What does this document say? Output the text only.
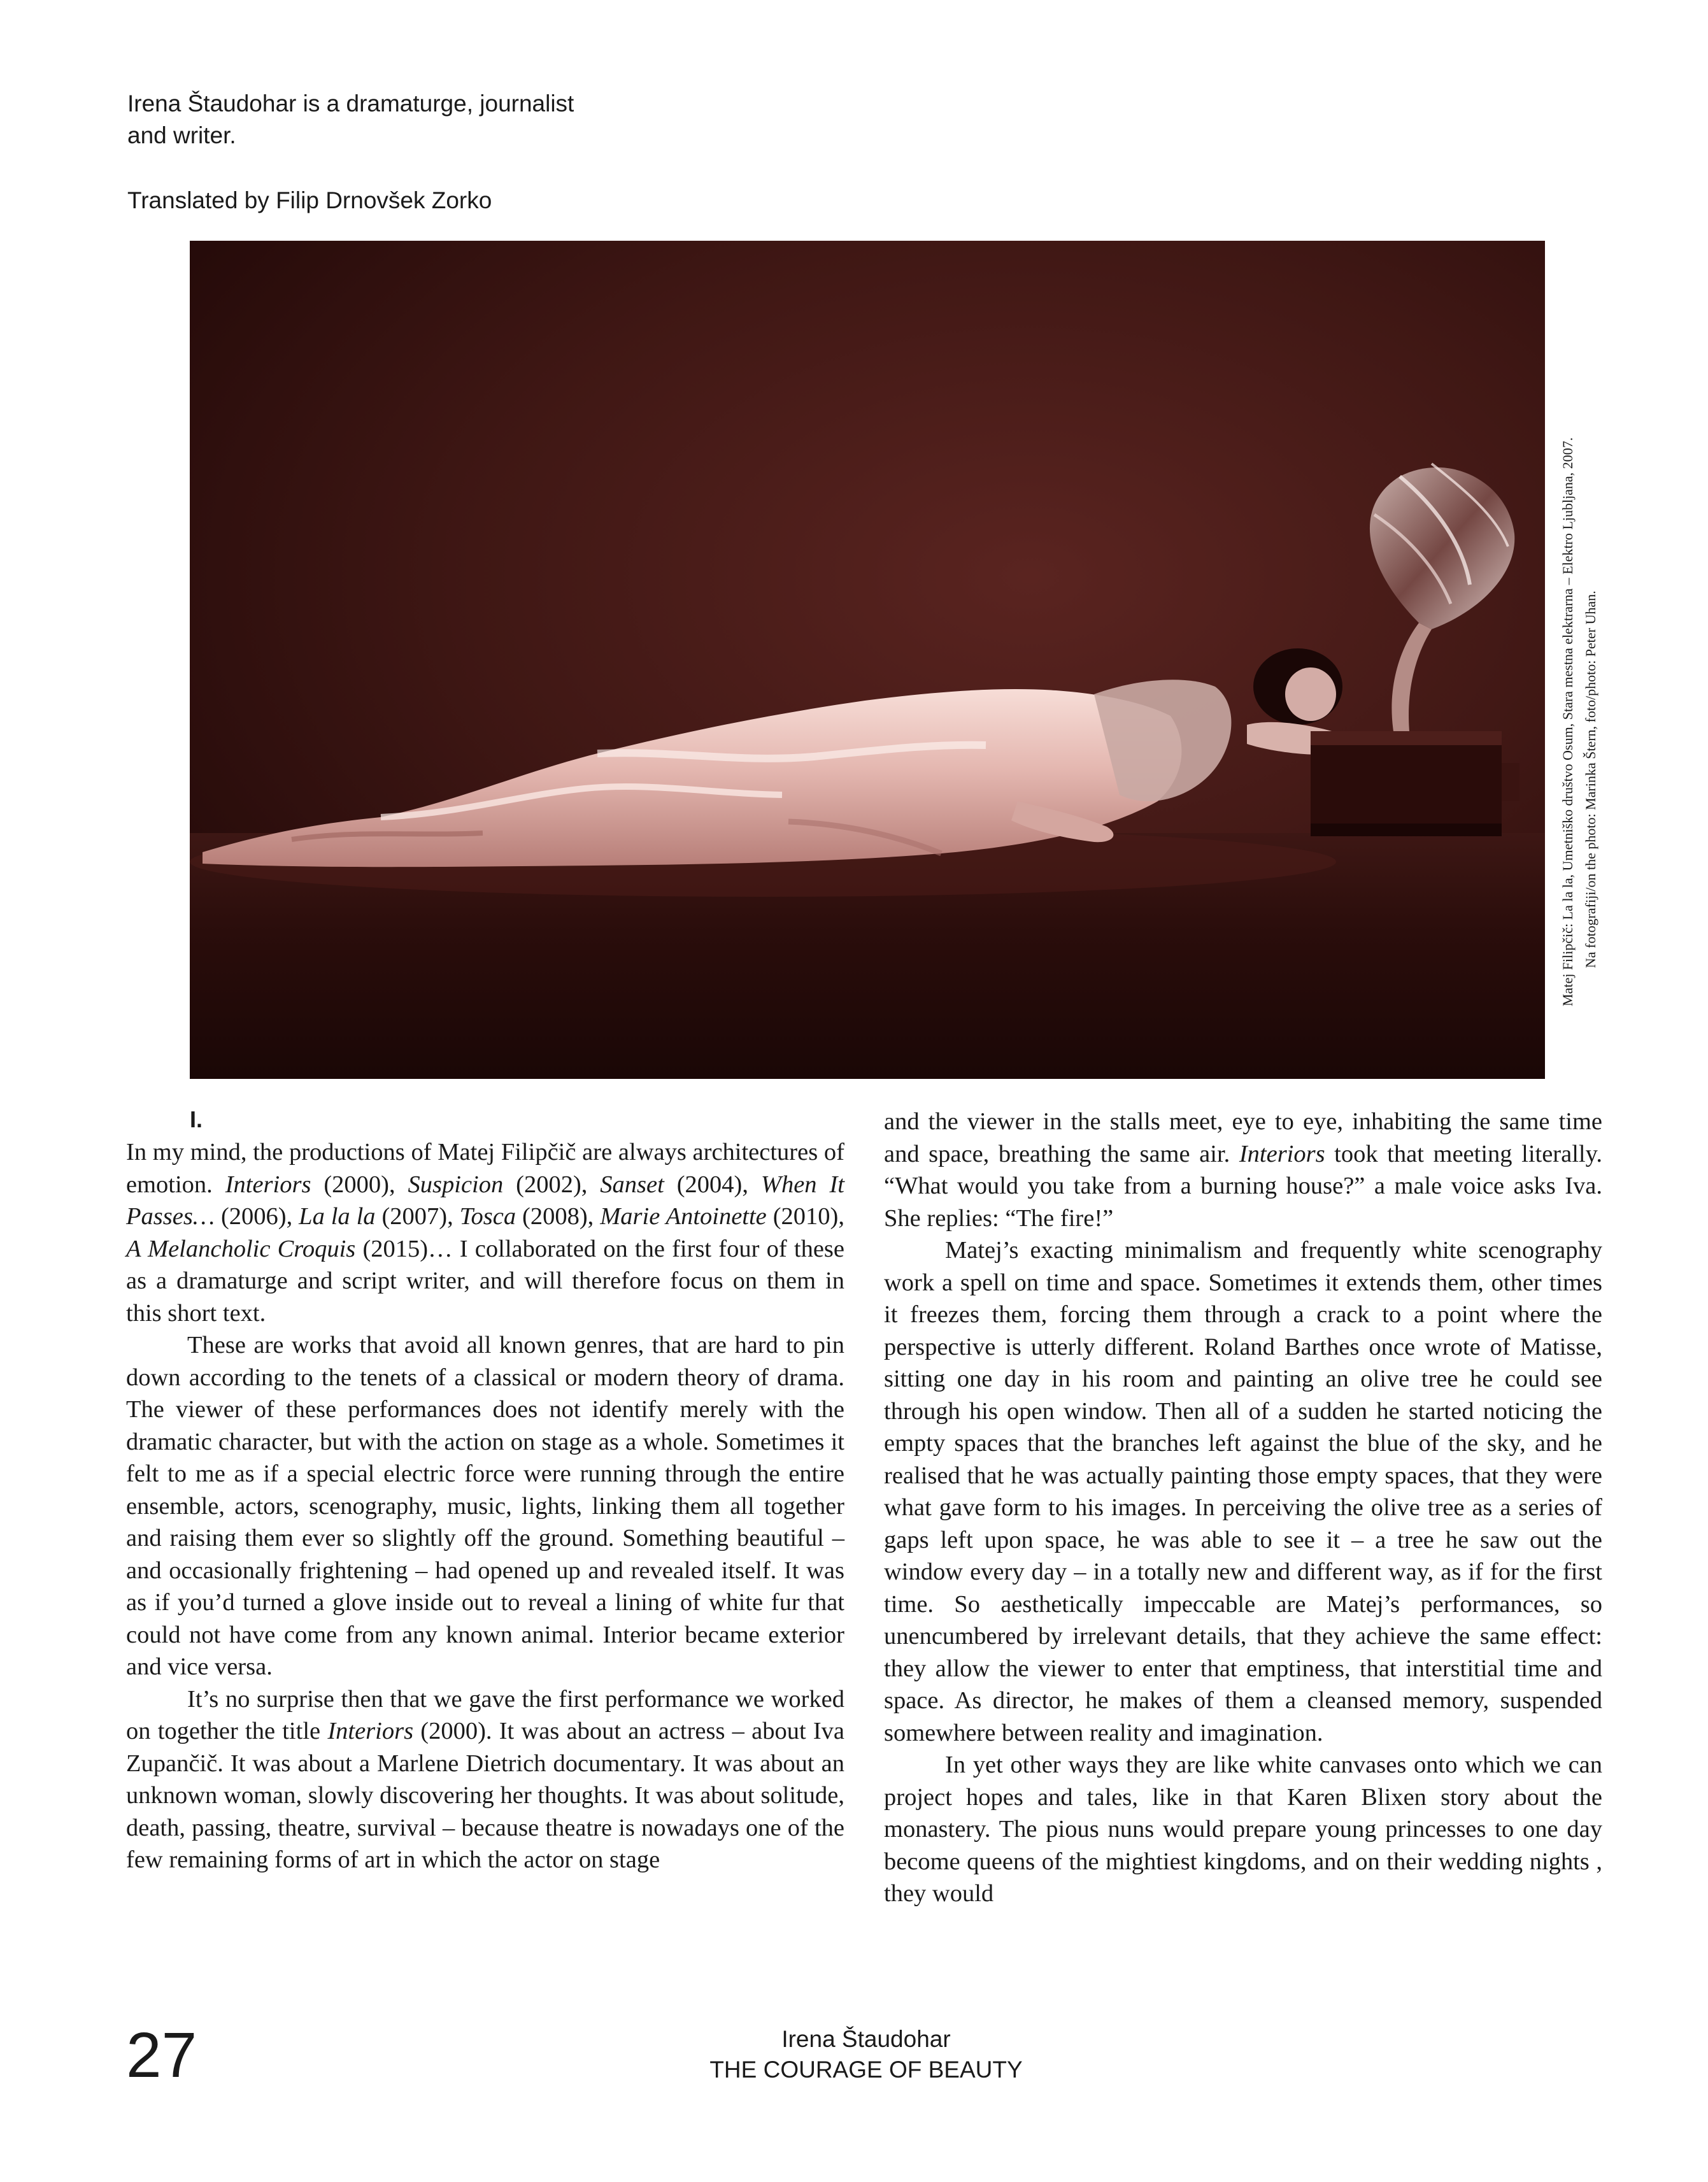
Irena Štaudohar is a dramaturge, journalist

and writer.

Translated by Filip Drnovšek Zorko

Matej Filipčič: La la la, Umetniško društvo Osum, Stara mestna elektrarna – Elektro Ljubljana, 2007. Na fotografiji/on the photo: Marinka Štern, foto/photo: Peter Uhan.

I.

In my mind, the productions of Matej Filipčič are always architectures of emotion. Interiors (2000), Suspicion (2002), Sanset (2004), When It Passes… (2006), La la la (2007), Tosca (2008), Marie Antoinette (2010), A Melancholic Croquis (2015)… I collaborated on the first four of these as a dramaturge and script writer, and will therefore focus on them in this short text.

These are works that avoid all known genres, that are hard to pin down according to the tenets of a classical or modern theory of drama. The viewer of these performances does not identify merely with the dramatic character, but with the action on stage as a whole. Sometimes it felt to me as if a special electric force were running through the entire ensemble, actors, scenography, music, lights, linking them all together and raising them ever so slightly off the ground. Something beautiful – and occasionally frightening – had opened up and revealed itself. It was as if you’d turned a glove inside out to reveal a lining of white fur that could not have come from any known animal. Interior became exterior and vice versa.

It’s no surprise then that we gave the first performance we worked on together the title Interiors (2000). It was about an actress – about Iva Zupančič. It was about a Marlene Dietrich documentary. It was about an unknown woman, slowly discovering her thoughts. It was about solitude, death, passing, theatre, survival – because theatre is nowadays one of the few remaining forms of art in which the actor on stage

and the viewer in the stalls meet, eye to eye, inhabiting the same time and space, breathing the same air. Interiors took that meeting literally. “What would you take from a burning house?” a male voice asks Iva. She replies: “The fire!”

Matej’s exacting minimalism and frequently white scenography work a spell on time and space. Sometimes it extends them, other times it freezes them, forcing them through a crack to a point where the perspective is utterly different. Roland Barthes once wrote of Matisse, sitting one day in his room and painting an olive tree he could see through his open window. Then all of a sudden he started noticing the empty spaces that the branches left against the blue of the sky, and he realised that he was actually painting those empty spaces, that they were what gave form to his images. In perceiving the olive tree as a series of gaps left upon space, he was able to see it – a tree he saw out the window every day – in a totally new and different way, as if for the first time. So aesthetically impeccable are Matej’s performances, so unencumbered by irrelevant details, that they achieve the same effect: they allow the viewer to enter that emptiness, that interstitial time and space. As director, he makes of them a cleansed memory, suspended somewhere between reality and imagination.

In yet other ways they are like white canvases onto which we can project hopes and tales, like in that Karen Blixen story about the monastery. The pious nuns would prepare young princesses to one day become queens of the mightiest kingdoms, and on their wedding nights , they would

27	Irena Štaudohar
THE COURAGE OF BEAUTY
